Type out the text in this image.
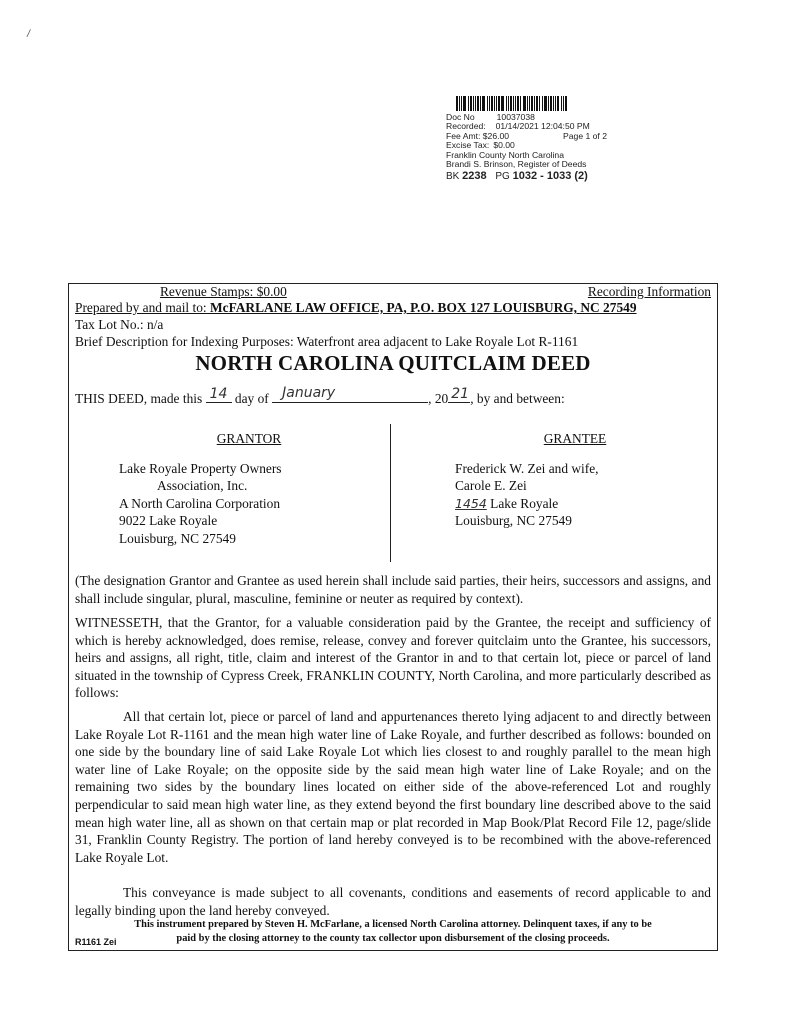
/
Doc No	10037038
Recorded: 01/14/2021 12:04:50 PM
Fee Amt: $26.00	Page 1 of 2
Excise Tax: $0.00
Franklin County North Carolina
Brandi S. Brinson, Register of Deeds
BK 2238 PG 1032 - 1033 (2)
Revenue Stamps: $0.00	Recording Information
Prepared by and mail to: McFARLANE LAW OFFICE, PA, P.O. BOX 127 LOUISBURG, NC 27549
Tax Lot No.: n/a
Brief Description for Indexing Purposes: Waterfront area adjacent to Lake Royale Lot R-1161
NORTH CAROLINA QUITCLAIM DEED
THIS DEED, made this 14 day of January	, 20 21 , by and between:
GRANTOR
Lake Royale Property Owners
Association, Inc.
A North Carolina Corporation
9022 Lake Royale
Louisburg, NC 27549
GRANTEE
Frederick W. Zei and wife,
Carole E. Zei
1454 Lake Royale
Louisburg, NC 27549
(The designation Grantor and Grantee as used herein shall include said parties, their heirs, successors and assigns, and shall include singular, plural, masculine, feminine or neuter as required by context).
WITNESSETH, that the Grantor, for a valuable consideration paid by the Grantee, the receipt and sufficiency of which is hereby acknowledged, does remise, release, convey and forever quitclaim unto the Grantee, his successors, heirs and assigns, all right, title, claim and interest of the Grantor in and to that certain lot, piece or parcel of land situated in the township of Cypress Creek, FRANKLIN COUNTY, North Carolina, and more particularly described as follows:
All that certain lot, piece or parcel of land and appurtenances thereto lying adjacent to and directly between Lake Royale Lot R-1161 and the mean high water line of Lake Royale, and further described as follows: bounded on one side by the boundary line of said Lake Royale Lot which lies closest to and roughly parallel to the mean high water line of Lake Royale; on the opposite side by the said mean high water line of Lake Royale; and on the remaining two sides by the boundary lines located on either side of the above-referenced Lot and roughly perpendicular to said mean high water line, as they extend beyond the first boundary line described above to the said mean high water line, all as shown on that certain map or plat recorded in Map Book/Plat Record File 12, page/slide 31, Franklin County Registry. The portion of land hereby conveyed is to be recombined with the above-referenced Lake Royale Lot.
This conveyance is made subject to all covenants, conditions and easements of record applicable to and legally binding upon the land hereby conveyed.
This instrument prepared by Steven H. McFarlane, a licensed North Carolina attorney. Delinquent taxes, if any to be
paid by the closing attorney to the county tax collector upon disbursement of the closing proceeds.
R1161 Zei
